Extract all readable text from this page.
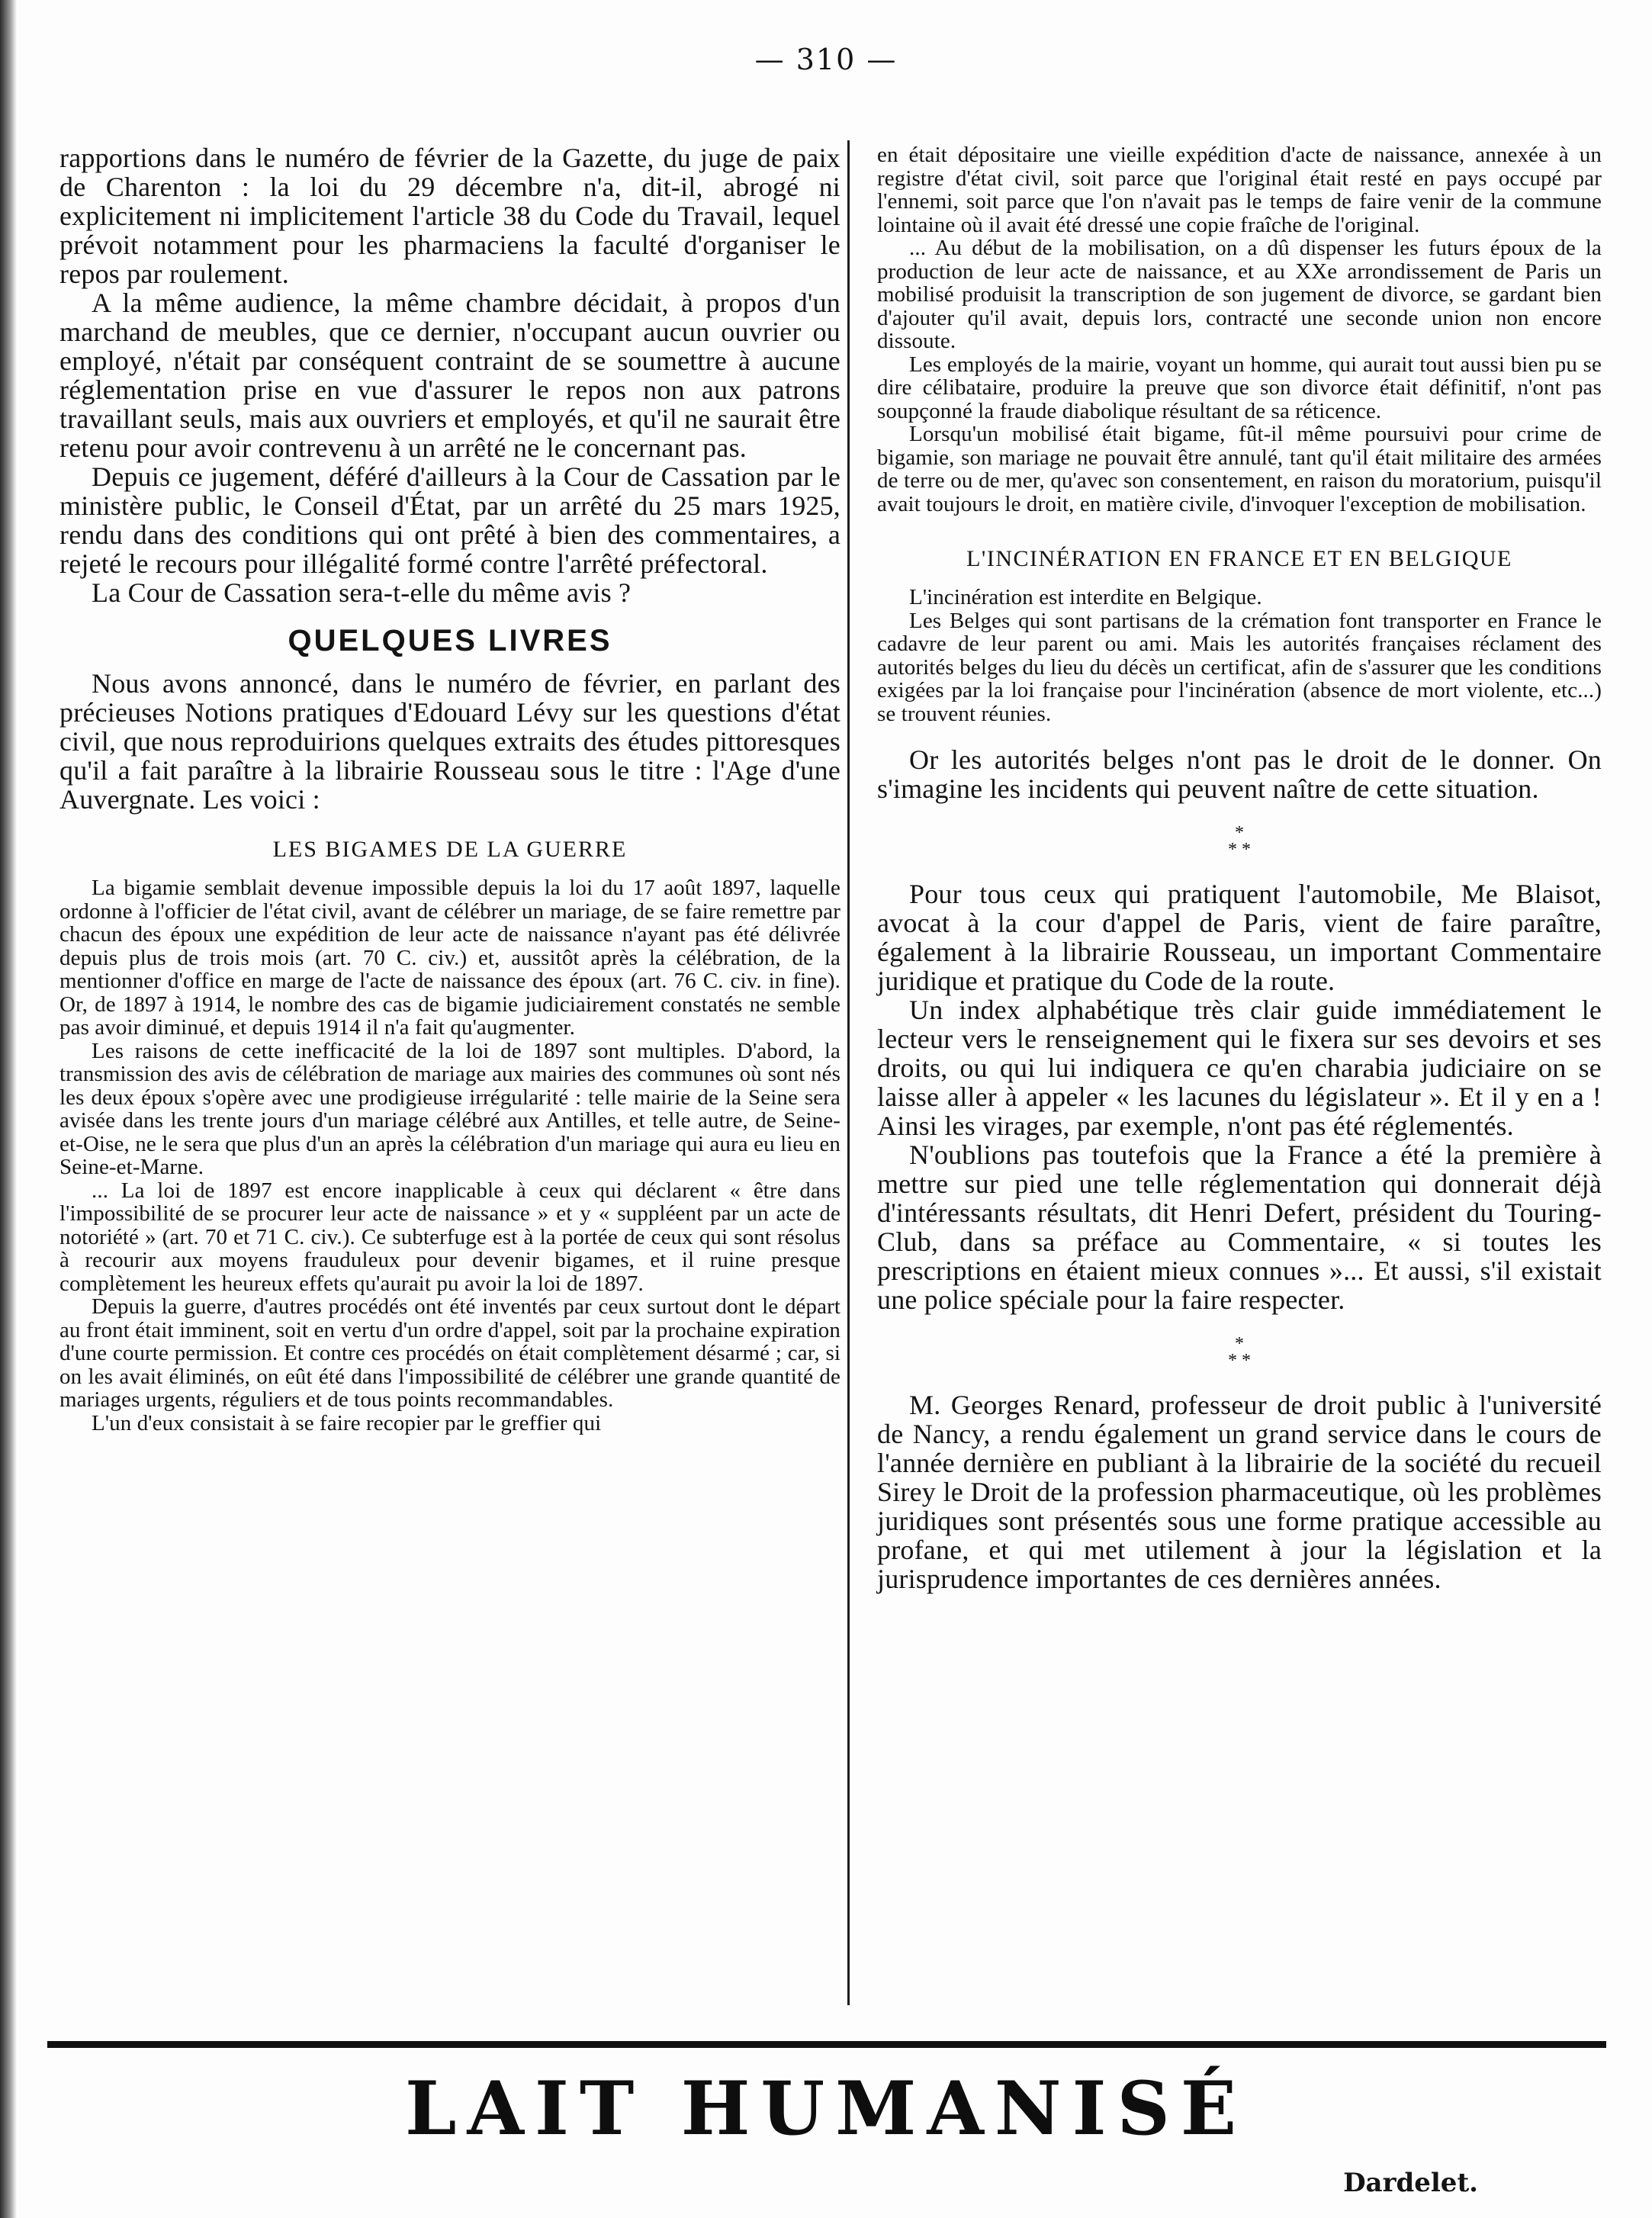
— 310 —

rapportions dans le numéro de février de la Gazette, du juge de paix de Charenton : la loi du 29 décembre n'a, dit-il, abrogé ni explicitement ni implicitement l'article 38 du Code du Travail, lequel prévoit notamment pour les pharmaciens la faculté d'organiser le repos par roulement.

A la même audience, la même chambre décidait, à propos d'un marchand de meubles, que ce dernier, n'occupant aucun ouvrier ou employé, n'était par conséquent contraint de se soumettre à aucune réglementation prise en vue d'assurer le repos non aux patrons travaillant seuls, mais aux ouvriers et employés, et qu'il ne saurait être retenu pour avoir contrevenu à un arrêté ne le concernant pas.

Depuis ce jugement, déféré d'ailleurs à la Cour de Cassation par le ministère public, le Conseil d'État, par un arrêté du 25 mars 1925, rendu dans des conditions qui ont prêté à bien des commentaires, a rejeté le recours pour illégalité formé contre l'arrêté préfectoral.

La Cour de Cassation sera-t-elle du même avis ?

QUELQUES LIVRES

Nous avons annoncé, dans le numéro de février, en parlant des précieuses Notions pratiques d'Edouard Lévy sur les questions d'état civil, que nous reproduirions quelques extraits des études pittoresques qu'il a fait paraître à la librairie Rousseau sous le titre : l'Age d'une Auvergnate. Les voici :

LES BIGAMES DE LA GUERRE

La bigamie semblait devenue impossible depuis la loi du 17 août 1897, laquelle ordonne à l'officier de l'état civil, avant de célébrer un mariage, de se faire remettre par chacun des époux une expédition de leur acte de naissance n'ayant pas été délivrée depuis plus de trois mois (art. 70 C. civ.) et, aussitôt après la célébration, de la mentionner d'office en marge de l'acte de naissance des époux (art. 76 C. civ. in fine). Or, de 1897 à 1914, le nombre des cas de bigamie judiciairement constatés ne semble pas avoir diminué, et depuis 1914 il n'a fait qu'augmenter.

Les raisons de cette inefficacité de la loi de 1897 sont multiples. D'abord, la transmission des avis de célébration de mariage aux mairies des communes où sont nés les deux époux s'opère avec une prodigieuse irrégularité : telle mairie de la Seine sera avisée dans les trente jours d'un mariage célébré aux Antilles, et telle autre, de Seine-et-Oise, ne le sera que plus d'un an après la célébration d'un mariage qui aura eu lieu en Seine-et-Marne.

... La loi de 1897 est encore inapplicable à ceux qui déclarent « être dans l'impossibilité de se procurer leur acte de naissance » et y « suppléent par un acte de notoriété » (art. 70 et 71 C. civ.). Ce subterfuge est à la portée de ceux qui sont résolus à recourir aux moyens frauduleux pour devenir bigames, et il ruine presque complètement les heureux effets qu'aurait pu avoir la loi de 1897.

Depuis la guerre, d'autres procédés ont été inventés par ceux surtout dont le départ au front était imminent, soit en vertu d'un ordre d'appel, soit par la prochaine expiration d'une courte permission. Et contre ces procédés on était complètement désarmé ; car, si on les avait éliminés, on eût été dans l'impossibilité de célébrer une grande quantité de mariages urgents, réguliers et de tous points recommandables.

L'un d'eux consistait à se faire recopier par le greffier qui

en était dépositaire une vieille expédition d'acte de naissance, annexée à un registre d'état civil, soit parce que l'original était resté en pays occupé par l'ennemi, soit parce que l'on n'avait pas le temps de faire venir de la commune lointaine où il avait été dressé une copie fraîche de l'original.

... Au début de la mobilisation, on a dû dispenser les futurs époux de la production de leur acte de naissance, et au XXe arrondissement de Paris un mobilisé produisit la transcription de son jugement de divorce, se gardant bien d'ajouter qu'il avait, depuis lors, contracté une seconde union non encore dissoute.

Les employés de la mairie, voyant un homme, qui aurait tout aussi bien pu se dire célibataire, produire la preuve que son divorce était définitif, n'ont pas soupçonné la fraude diabolique résultant de sa réticence.

Lorsqu'un mobilisé était bigame, fût-il même poursuivi pour crime de bigamie, son mariage ne pouvait être annulé, tant qu'il était militaire des armées de terre ou de mer, qu'avec son consentement, en raison du moratorium, puisqu'il avait toujours le droit, en matière civile, d'invoquer l'exception de mobilisation.

L'INCINÉRATION EN FRANCE ET EN BELGIQUE

L'incinération est interdite en Belgique.

Les Belges qui sont partisans de la crémation font transporter en France le cadavre de leur parent ou ami. Mais les autorités françaises réclament des autorités belges du lieu du décès un certificat, afin de s'assurer que les conditions exigées par la loi française pour l'incinération (absence de mort violente, etc...) se trouvent réunies.

Or les autorités belges n'ont pas le droit de le donner. On s'imagine les incidents qui peuvent naître de cette situation.

*
* *

Pour tous ceux qui pratiquent l'automobile, Me Blaisot, avocat à la cour d'appel de Paris, vient de faire paraître, également à la librairie Rousseau, un important Commentaire juridique et pratique du Code de la route.

Un index alphabétique très clair guide immédiatement le lecteur vers le renseignement qui le fixera sur ses devoirs et ses droits, ou qui lui indiquera ce qu'en charabia judiciaire on se laisse aller à appeler « les lacunes du législateur ». Et il y en a ! Ainsi les virages, par exemple, n'ont pas été réglementés.

N'oublions pas toutefois que la France a été la première à mettre sur pied une telle réglementation qui donnerait déjà d'intéressants résultats, dit Henri Defert, président du Touring-Club, dans sa préface au Commentaire, « si toutes les prescriptions en étaient mieux connues »... Et aussi, s'il existait une police spéciale pour la faire respecter.

*
* *

M. Georges Renard, professeur de droit public à l'université de Nancy, a rendu également un grand service dans le cours de l'année dernière en publiant à la librairie de la société du recueil Sirey le Droit de la profession pharmaceutique, où les problèmes juridiques sont présentés sous une forme pratique accessible au profane, et qui met utilement à jour la législation et la jurisprudence importantes de ces dernières années.

LAIT HUMANISÉ
Dardelet.
